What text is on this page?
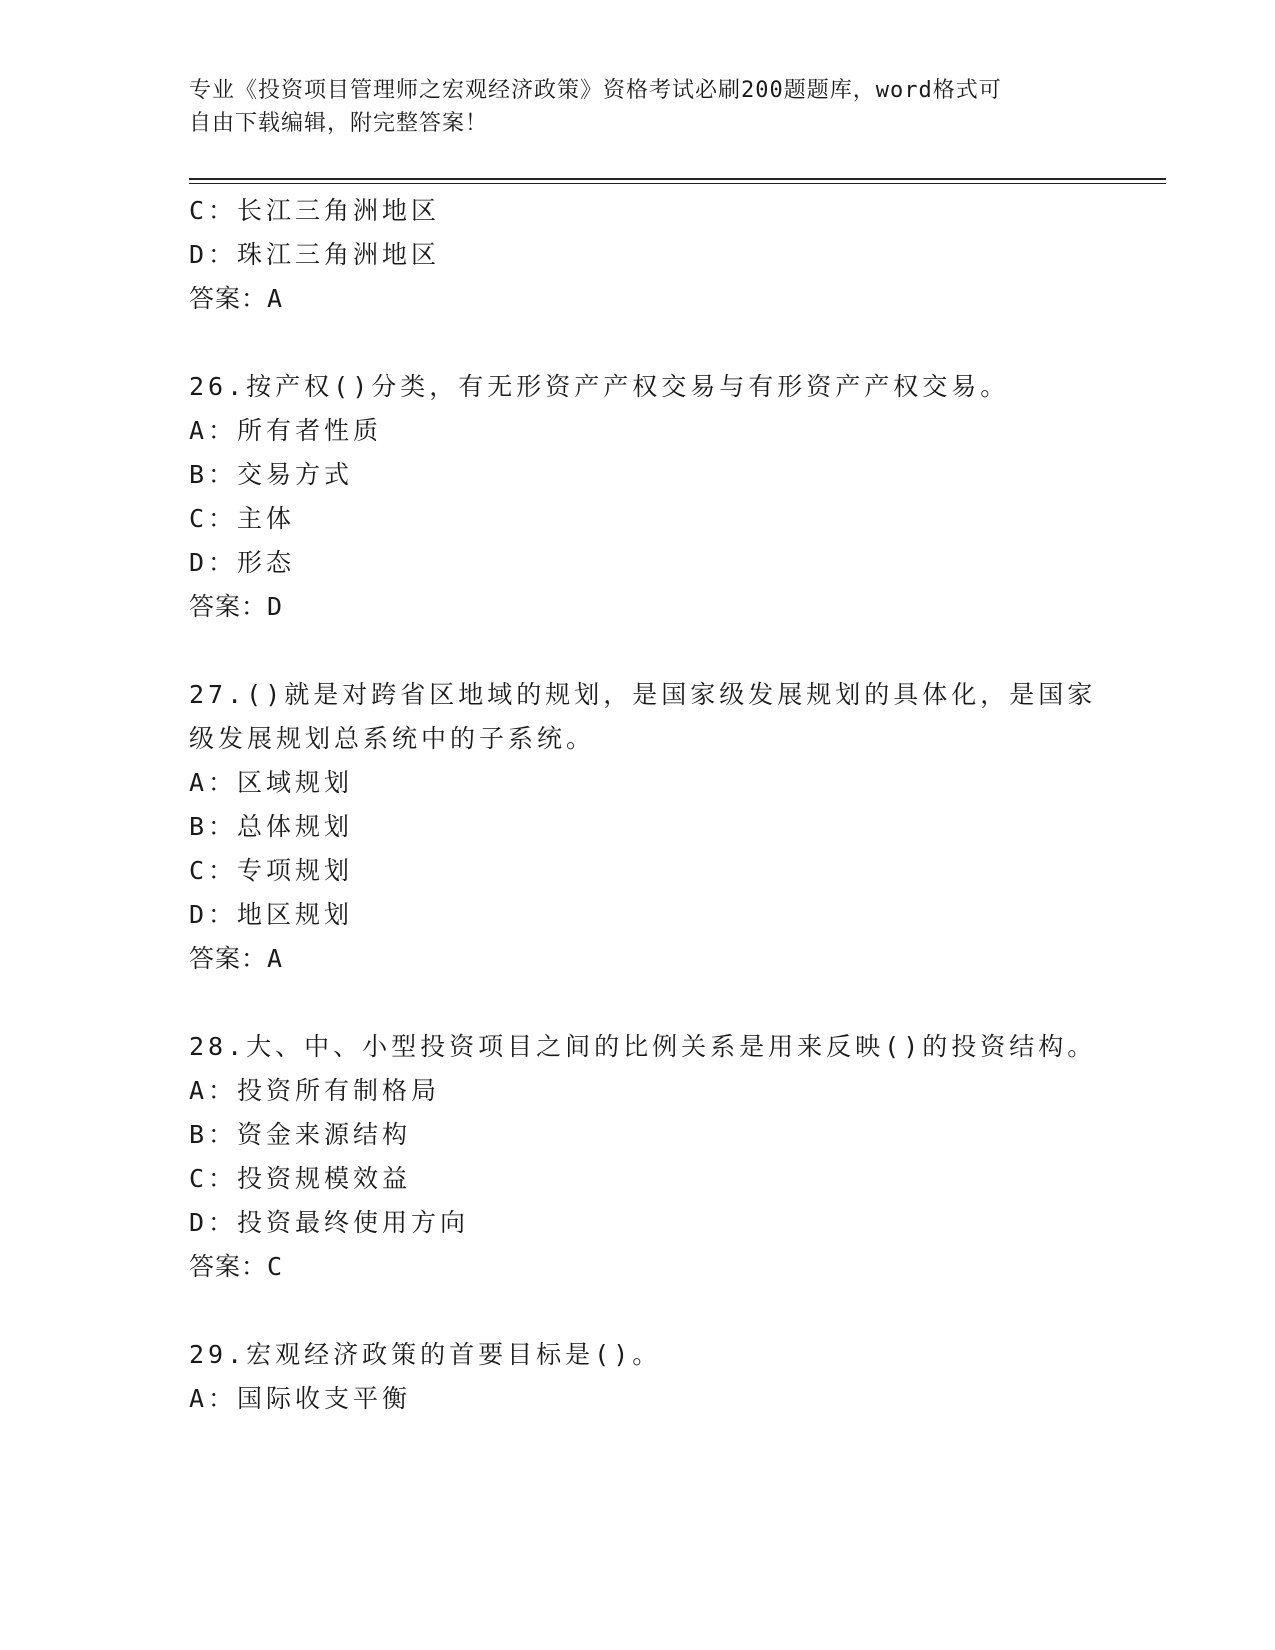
专业《投资项目管理师之宏观经济政策》资格考试必刷200题题库，word格式可
自由下载编辑，附完整答案！
C：长江三角洲地区
D：珠江三角洲地区
答案：A
26.按产权()分类，有无形资产产权交易与有形资产产权交易。
A：所有者性质
B：交易方式
C：主体
D：形态
答案：D
27.()就是对跨省区地域的规划，是国家级发展规划的具体化，是国家
级发展规划总系统中的子系统。
A：区域规划
B：总体规划
C：专项规划
D：地区规划
答案：A
28.大、中、小型投资项目之间的比例关系是用来反映()的投资结构。
A：投资所有制格局
B：资金来源结构
C：投资规模效益
D：投资最终使用方向
答案：C
29.宏观经济政策的首要目标是()。
A：国际收支平衡
